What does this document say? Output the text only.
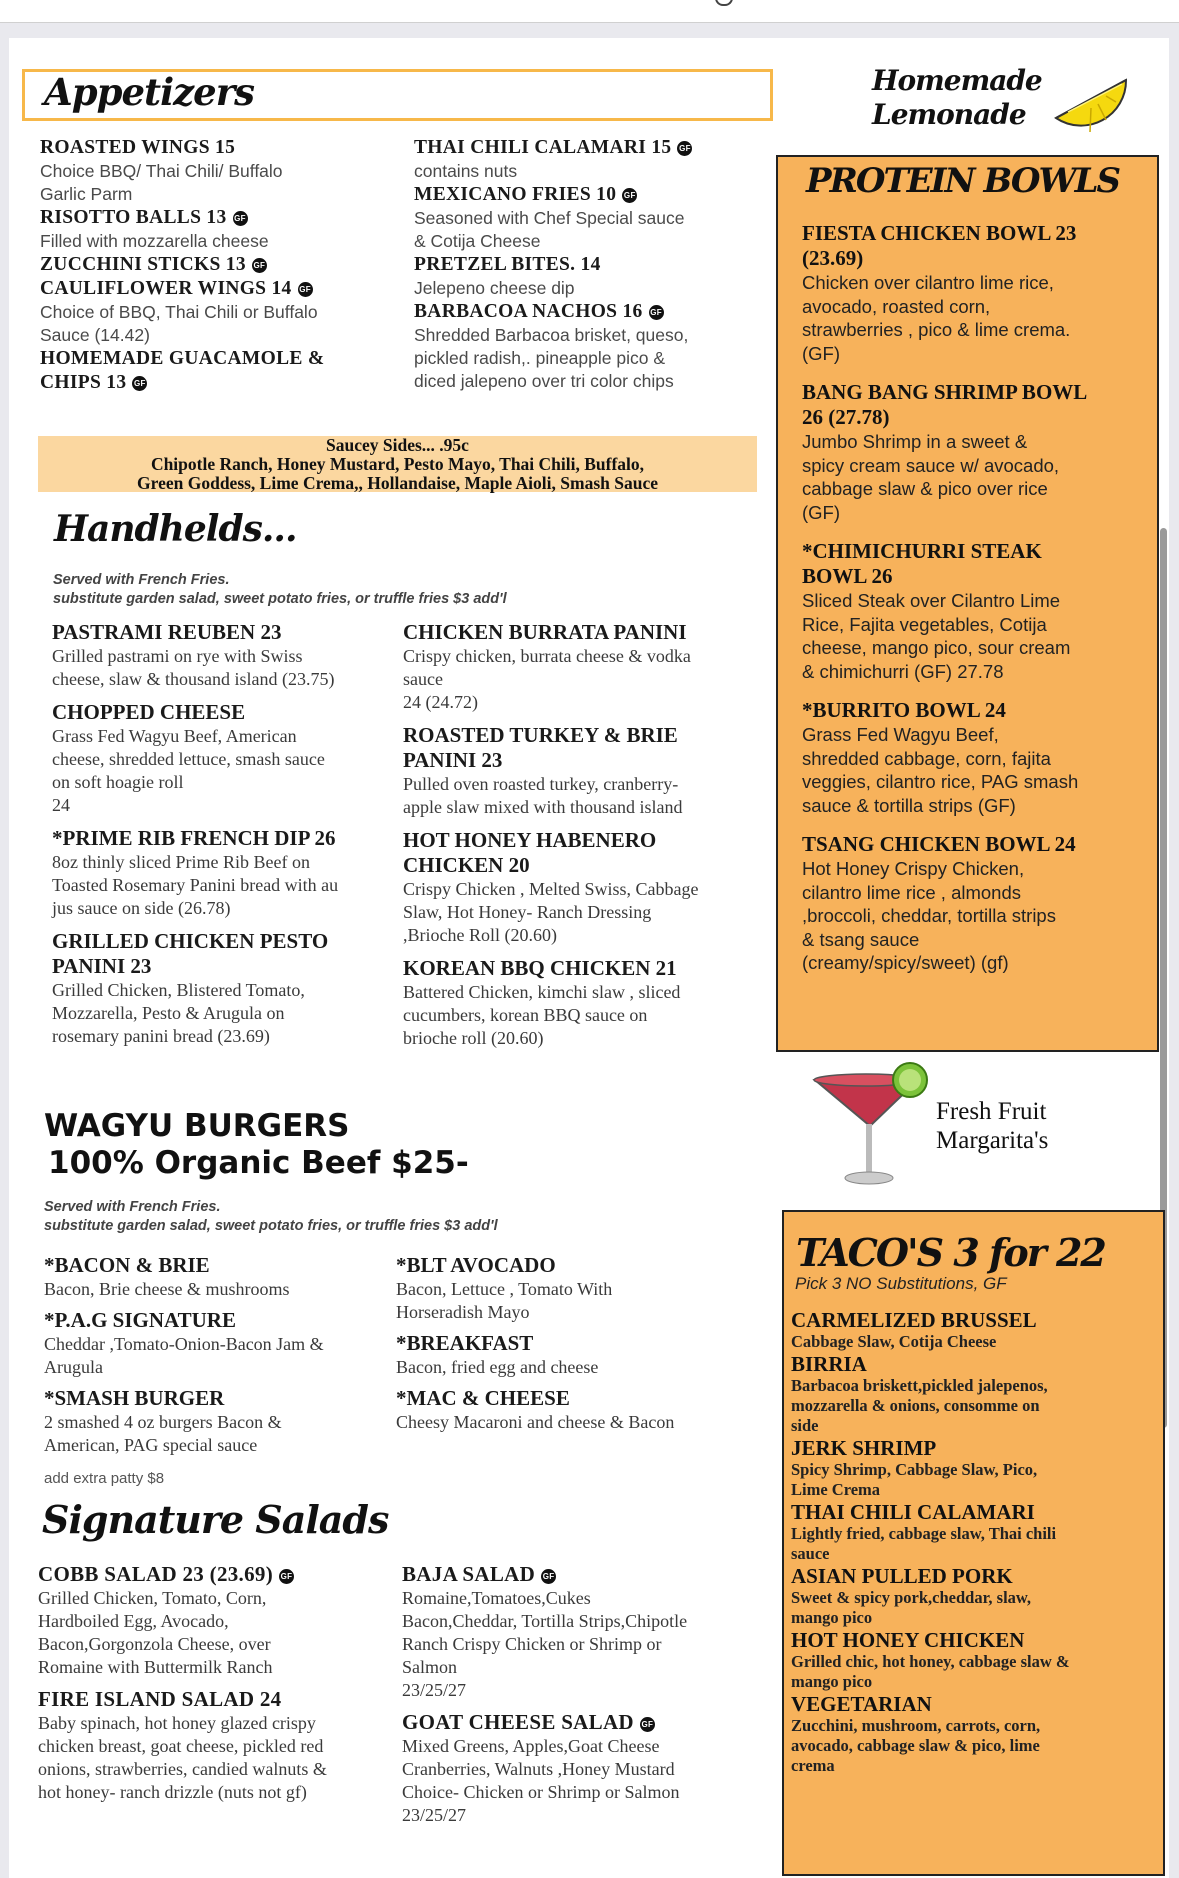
Appetizers
ROASTED WINGS 15
Choice BBQ/ Thai Chili/ Buffalo
Garlic Parm
RISOTTO BALLS 13 GF
Filled with mozzarella cheese
ZUCCHINI STICKS 13 GF
CAULIFLOWER WINGS 14 GF
Choice of BBQ, Thai Chili or Buffalo
Sauce (14.42)
HOMEMADE GUACAMOLE &
CHIPS 13 GF
THAI CHILI CALAMARI 15 GF
contains nuts
MEXICANO FRIES 10 GF
Seasoned with Chef Special sauce
& Cotija Cheese
PRETZEL BITES. 14
Jelepeno cheese dip
BARBACOA NACHOS 16 GF
Shredded Barbacoa brisket, queso,
pickled radish,. pineapple pico &
diced jalepeno over tri color chips
Saucey Sides... .95c
Chipotle Ranch, Honey Mustard, Pesto Mayo, Thai Chili, Buffalo,
Green Goddess, Lime Crema,, Hollandaise, Maple Aioli, Smash Sauce
Handhelds...
Served with French Fries.
substitute garden salad, sweet potato fries, or truffle fries $3 add'l
PASTRAMI REUBEN 23
Grilled pastrami on rye with Swiss
cheese, slaw & thousand island (23.75)
CHOPPED CHEESE
Grass Fed Wagyu Beef, American
cheese, shredded lettuce, smash sauce
on soft hoagie roll
24
*PRIME RIB FRENCH DIP 26
8oz thinly sliced Prime Rib Beef on
Toasted Rosemary Panini bread with au
jus sauce on side (26.78)
GRILLED CHICKEN PESTO
PANINI 23
Grilled Chicken, Blistered Tomato,
Mozzarella, Pesto & Arugula on
rosemary panini bread (23.69)
CHICKEN BURRATA PANINI
Crispy chicken, burrata cheese & vodka
sauce
24 (24.72)
ROASTED TURKEY & BRIE
PANINI 23
Pulled oven roasted turkey, cranberry-
apple slaw mixed with thousand island
HOT HONEY HABENERO
CHICKEN 20
Crispy Chicken , Melted Swiss, Cabbage
Slaw, Hot Honey- Ranch Dressing
,Brioche Roll (20.60)
KOREAN BBQ CHICKEN 21
Battered Chicken, kimchi slaw , sliced
cucumbers, korean BBQ sauce on
brioche roll (20.60)
WAGYU BURGERS
100% Organic Beef $25-
Served with French Fries.
substitute garden salad, sweet potato fries, or truffle fries $3 add'l
*BACON & BRIE
Bacon, Brie cheese & mushrooms
*P.A.G SIGNATURE
Cheddar ,Tomato-Onion-Bacon Jam &
Arugula
*SMASH BURGER
2 smashed 4 oz burgers Bacon &
American, PAG special sauce
add extra patty $8
*BLT AVOCADO
Bacon, Lettuce , Tomato With
Horseradish Mayo
*BREAKFAST
Bacon, fried egg and cheese
*MAC & CHEESE
Cheesy Macaroni and cheese & Bacon
Signature Salads
COBB SALAD 23 (23.69) GF
Grilled Chicken, Tomato, Corn,
Hardboiled Egg, Avocado,
Bacon,Gorgonzola Cheese, over
Romaine with Buttermilk Ranch
FIRE ISLAND SALAD 24
Baby spinach, hot honey glazed crispy
chicken breast, goat cheese, pickled red
onions, strawberries, candied walnuts &
hot honey- ranch drizzle (nuts not gf)
BAJA SALAD GF
Romaine,Tomatoes,Cukes
Bacon,Cheddar, Tortilla Strips,Chipotle
Ranch Crispy Chicken or Shrimp or
Salmon
23/25/27
GOAT CHEESE SALAD GF
Mixed Greens, Apples,Goat Cheese
Cranberries, Walnuts ,Honey Mustard
Choice- Chicken or Shrimp or Salmon
23/25/27
Homemade
Lemonade
PROTEIN BOWLS
FIESTA CHICKEN BOWL 23
(23.69)
Chicken over cilantro lime rice,
avocado, roasted corn,
strawberries , pico & lime crema.
(GF)
BANG BANG SHRIMP BOWL
26 (27.78)
Jumbo Shrimp in a sweet &
spicy cream sauce w/ avocado,
cabbage slaw & pico over rice
(GF)
*CHIMICHURRI STEAK
BOWL 26
Sliced Steak over Cilantro Lime
Rice, Fajita vegetables, Cotija
cheese, mango pico, sour cream
& chimichurri (GF) 27.78
*BURRITO BOWL 24
Grass Fed Wagyu Beef,
shredded cabbage, corn, fajita
veggies, cilantro rice, PAG smash
sauce & tortilla strips (GF)
TSANG CHICKEN BOWL 24
Hot Honey Crispy Chicken,
cilantro lime rice , almonds
,broccoli, cheddar, tortilla strips
& tsang sauce
(creamy/spicy/sweet) (gf)
Fresh Fruit
Margarita's
TACO'S 3 for 22
Pick 3 NO Substitutions, GF
CARMELIZED BRUSSEL
Cabbage Slaw, Cotija Cheese
BIRRIA
Barbacoa briskett,pickled jalepenos,
mozzarella & onions, consomme on
side
JERK SHRIMP
Spicy Shrimp, Cabbage Slaw, Pico,
Lime Crema
THAI CHILI CALAMARI
Lightly fried, cabbage slaw, Thai chili
sauce
ASIAN PULLED PORK
Sweet & spicy pork,cheddar, slaw,
mango pico
HOT HONEY CHICKEN
Grilled chic, hot honey, cabbage slaw &
mango pico
VEGETARIAN
Zucchini, mushroom, carrots, corn,
avocado, cabbage slaw & pico, lime
crema
